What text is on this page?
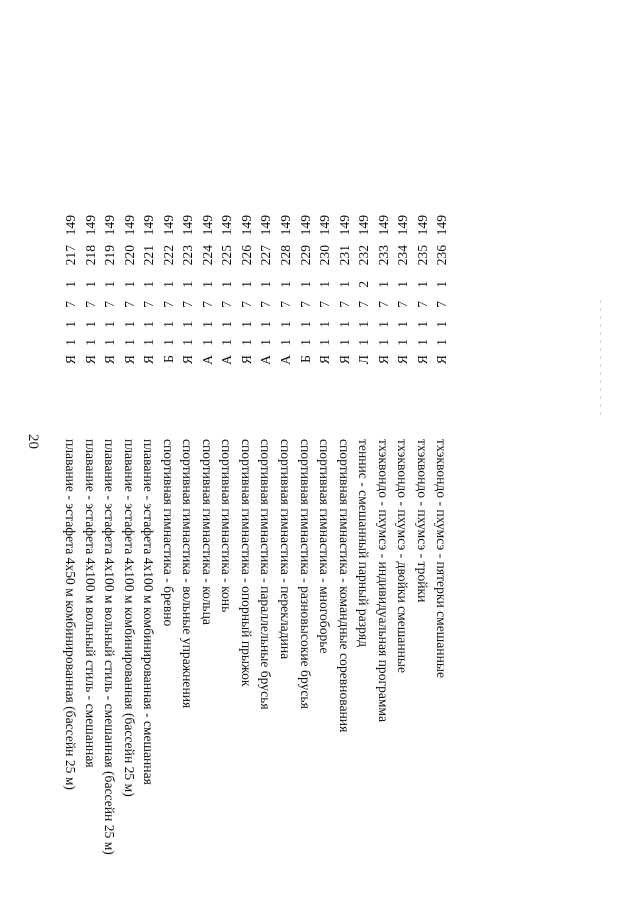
20 плавание - эстафета 4х50 м комбинированная (бассейн 25 м)
149
217
1
7
1
1
Я
плавание - эстафета 4х100 м вольный стиль - смешанная
149
218
1
7
1
1
Я
плавание - эстафета 4х100 м вольный стиль - смешанная (бассейн 25 м)
149
219
1
7
1
1
Я
плавание - эстафета 4х100 м комбинированная (бассейн 25 м)
149
220
1
7
1
1
Я
плавание - эстафета 4х100 м комбинированная - смешанная
149
221
1
7
1
1
Я
спортивная гимнастика - бревно
149
222
1
7
1
1
Б
спортивная гимнастика - вольные упражнения
149
223
1
7
1
1
Я
спортивная гимнастика - кольца
149
224
1
7
1
1
А
спортивная гимнастика - конь
149
225
1
7
1
1
А
спортивная гимнастика - опорный прыжок
149
226
1
7
1
1
Я
спортивная гимнастика - параллельные брусья
149
227
1
7
1
1
А
спортивная гимнастика - перекладина
149
228
1
7
1
1
А
спортивная гимнастика - разновысокие брусья
149
229
1
7
1
1
Б
спортивная гимнастика - многоборье
149
230
1
7
1
1
Я
спортивная гимнастика - командные соревнования
149
231
1
7
1
1
Я
теннис - смешанный парный разряд
149
232
2
7
1
1
Л
тхэквондо - пхумсэ - индивидуальная программа
149
233
1
7
1
1
Я
тхэквондо - пхумсэ - двойки смешанные
149
234
1
7
1
1
Я
тхэквондо - пхумсэ - тройки
149
235
1
7
1
1
Я
тхэквондо - пхумсэ - пятерки смешанные
149
236
1
7
1
1
Я
